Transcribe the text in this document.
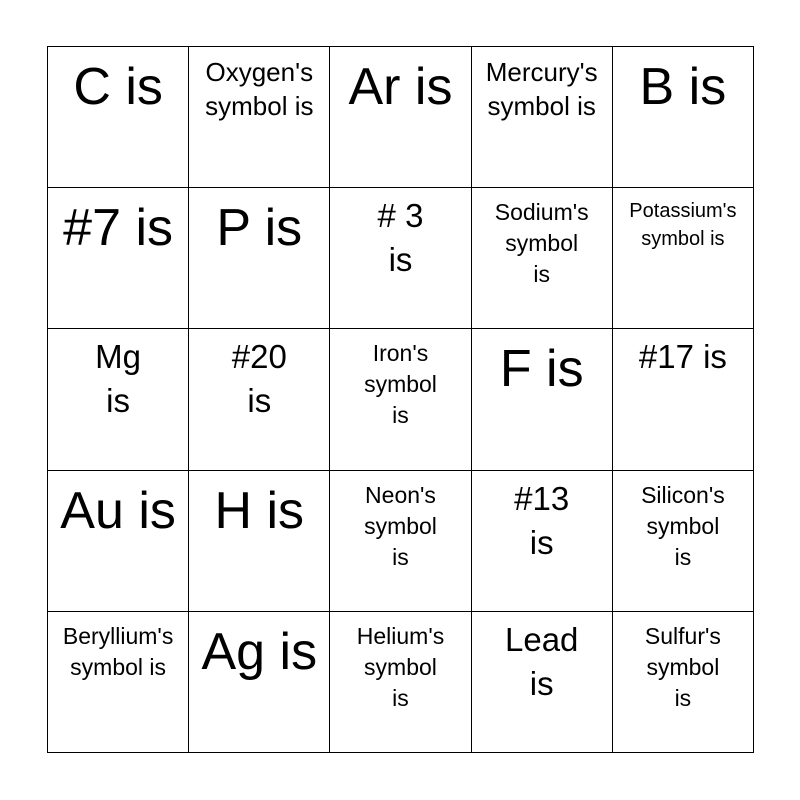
C is Oxygen's
symbol is Ar is Mercury's
symbol is B is
#7 is P is # 3
is
Sodium's
symbol
is
Potassium's
symbol is
Mg
is
#20
is
Iron's
symbol
is
F is #17 is
Au is H is	Neon's
symbol
is
#13
is
Silicon's
symbol
is
Beryllium's
symbol is Ag is Helium's
symbol
is
Lead
is
Sulfur's
symbol
is
